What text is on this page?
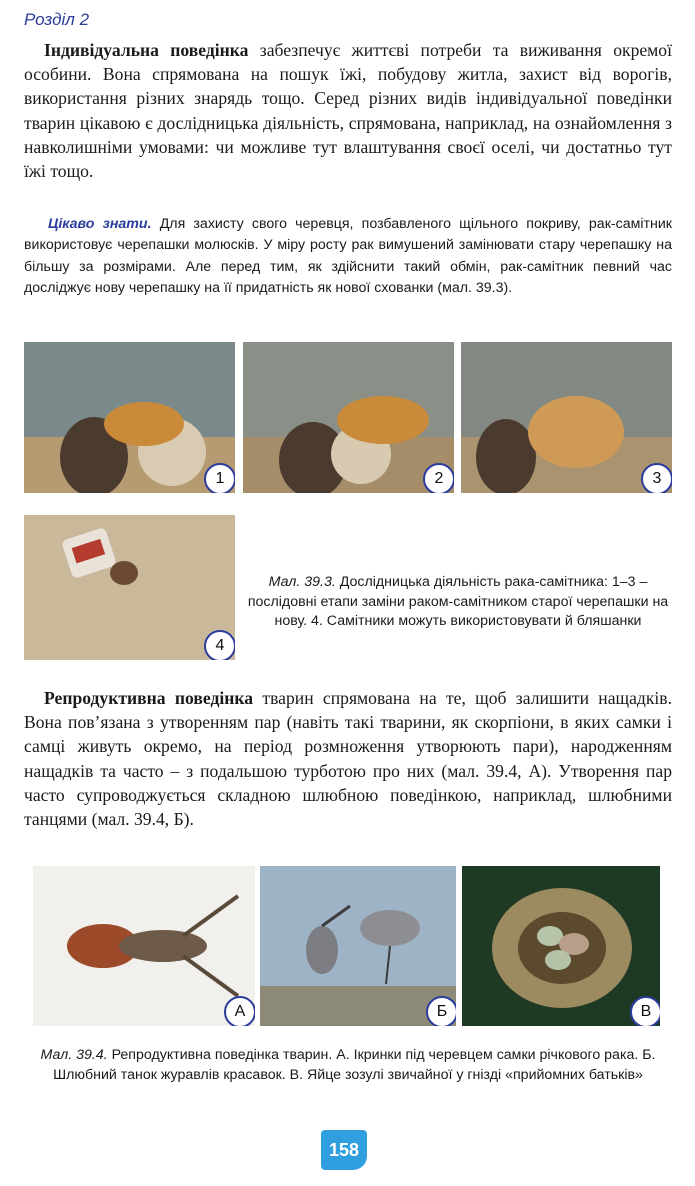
Розділ 2

Індивідуальна поведінка забезпечує життєві потреби та виживання окремої особини. Вона спрямована на пошук їжі, побудову житла, захист від ворогів, використання різних знарядь тощо. Серед різних видів індивідуальної поведінки тварин цікавою є дослідницька діяльність, спрямована, наприклад, на ознайомлення з навколишніми умовами: чи можливе тут влаштування своєї оселі, чи достатньо тут їжі тощо.

Цікаво знати. Для захисту свого черевця, позбавленого щільного покриву, рак-самітник використовує черепашки молюсків. У міру росту рак вимушений замінювати стару черепашку на більшу за розмірами. Але перед тим, як здійснити такий обмін, рак-самітник певний час досліджує нову черепашку на її придатність як нової схованки (мал. 39.3).

1	2	3
4
Мал. 39.3. Дослідницька діяльність рака-самітника: 1–3 – послідовні етапи заміни раком-самітником старої черепашки на нову. 4. Самітники можуть використовувати й бляшанки

Репродуктивна поведінка тварин спрямована на те, щоб залишити нащадків. Вона пов’язана з утворенням пар (навіть такі тварини, як скорпіони, в яких самки і самці живуть окремо, на період розмноження утворюють пари), народженням нащадків та часто – з подальшою турботою про них (мал. 39.4, А). Утворення пар часто супроводжується складною шлюбною поведінкою, наприклад, шлюбними танцями (мал. 39.4, Б).

А	Б	В
Мал. 39.4. Репродуктивна поведінка тварин. А. Ікринки під черевцем самки річкового рака. Б. Шлюбний танок журавлів красавок. В. Яйце зозулі звичайної у гнізді «прийомних батьків»
158
